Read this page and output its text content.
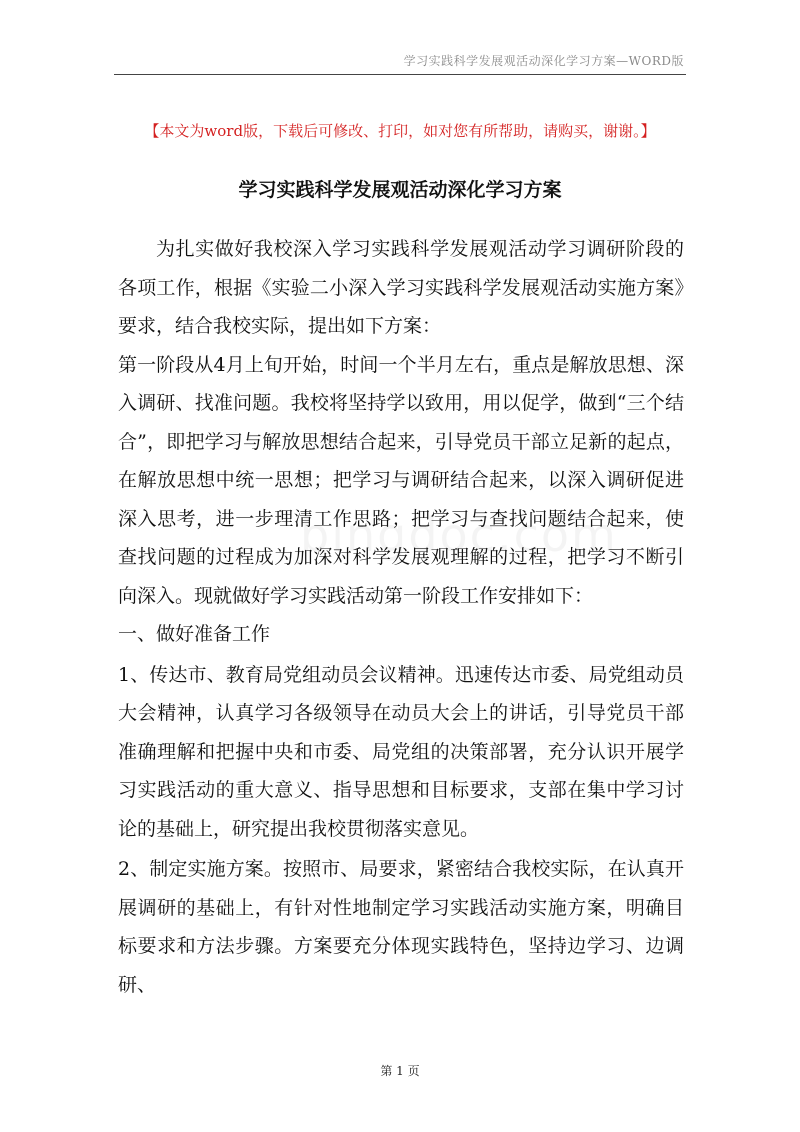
学习实践科学发展观活动深化学习方案—WORD版
【本文为word版，下载后可修改、打印，如对您有所帮助，请购买，谢谢。】
学习实践科学发展观活动深化学习方案

为扎实做好我校深入学习实践科学发展观活动学习调研阶段的各项工作，根据《实验二小深入学习实践科学发展观活动实施方案》要求，结合我校实际，提出如下方案：

第一阶段从4月上旬开始，时间一个半月左右，重点是解放思想、深入调研、找准问题。我校将坚持学以致用，用以促学，做到“三个结合”，即把学习与解放思想结合起来，引导党员干部立足新的起点，在解放思想中统一思想；把学习与调研结合起来，以深入调研促进深入思考，进一步理清工作思路；把学习与查找问题结合起来，使查找问题的过程成为加深对科学发展观理解的过程，把学习不断引向深入。现就做好学习实践活动第一阶段工作安排如下：

一、做好准备工作

1、传达市、教育局党组动员会议精神。迅速传达市委、局党组动员大会精神，认真学习各级领导在动员大会上的讲话，引导党员干部准确理解和把握中央和市委、局党组的决策部署，充分认识开展学习实践活动的重大意义、指导思想和目标要求，支部在集中学习讨论的基础上，研究提出我校贯彻落实意见。

2、制定实施方案。按照市、局要求，紧密结合我校实际，在认真开展调研的基础上，有针对性地制定学习实践活动实施方案，明确目标要求和方法步骤。方案要充分体现实践特色，坚持边学习、边调研、

第 1 页
